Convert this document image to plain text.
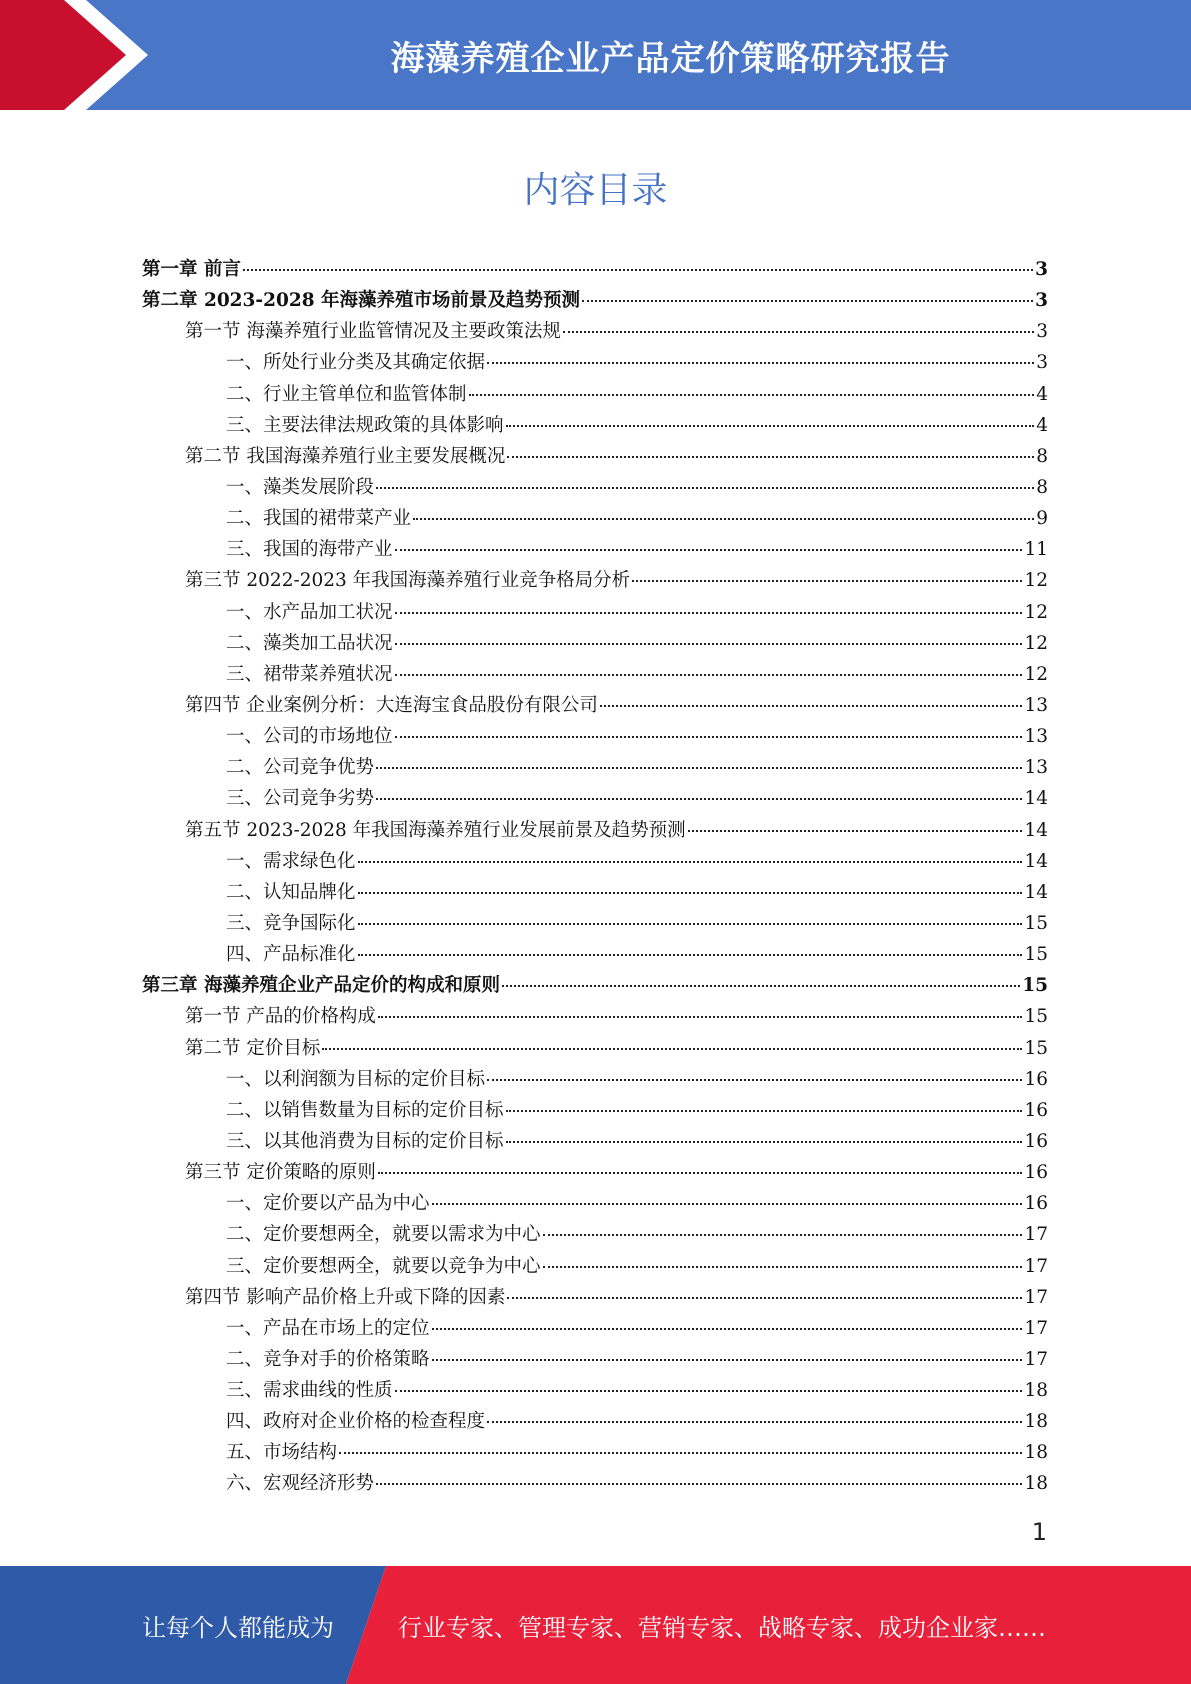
海藻养殖企业产品定价策略研究报告
内容目录
第一章 前言	3
第二章 2023-2028 年海藻养殖市场前景及趋势预测	3
第一节 海藻养殖行业监管情况及主要政策法规	3
一、所处行业分类及其确定依据	3
二、行业主管单位和监管体制	4
三、主要法律法规政策的具体影响	4
第二节 我国海藻养殖行业主要发展概况	8
一、藻类发展阶段	8
二、我国的裙带菜产业	9
三、我国的海带产业	11
第三节 2022-2023 年我国海藻养殖行业竞争格局分析	12
一、水产品加工状况	12
二、藻类加工品状况	12
三、裙带菜养殖状况	12
第四节 企业案例分析：大连海宝食品股份有限公司	13
一、公司的市场地位	13
二、公司竞争优势	13
三、公司竞争劣势	14
第五节 2023-2028 年我国海藻养殖行业发展前景及趋势预测	14
一、需求绿色化	14
二、认知品牌化	14
三、竞争国际化	15
四、产品标准化	15
第三章 海藻养殖企业产品定价的构成和原则	15
第一节 产品的价格构成	15
第二节 定价目标	15
一、以利润额为目标的定价目标	16
二、以销售数量为目标的定价目标	16
三、以其他消费为目标的定价目标	16
第三节 定价策略的原则	16
一、定价要以产品为中心	16
二、定价要想两全，就要以需求为中心	17
三、定价要想两全，就要以竞争为中心	17
第四节 影响产品价格上升或下降的因素	17
一、产品在市场上的定位	17
二、竞争对手的价格策略	17
三、需求曲线的性质	18
四、政府对企业价格的检查程度	18
五、市场结构	18
六、宏观经济形势	18
1
让每个人都能成为	行业专家、管理专家、营销专家、战略专家、成功企业家……
